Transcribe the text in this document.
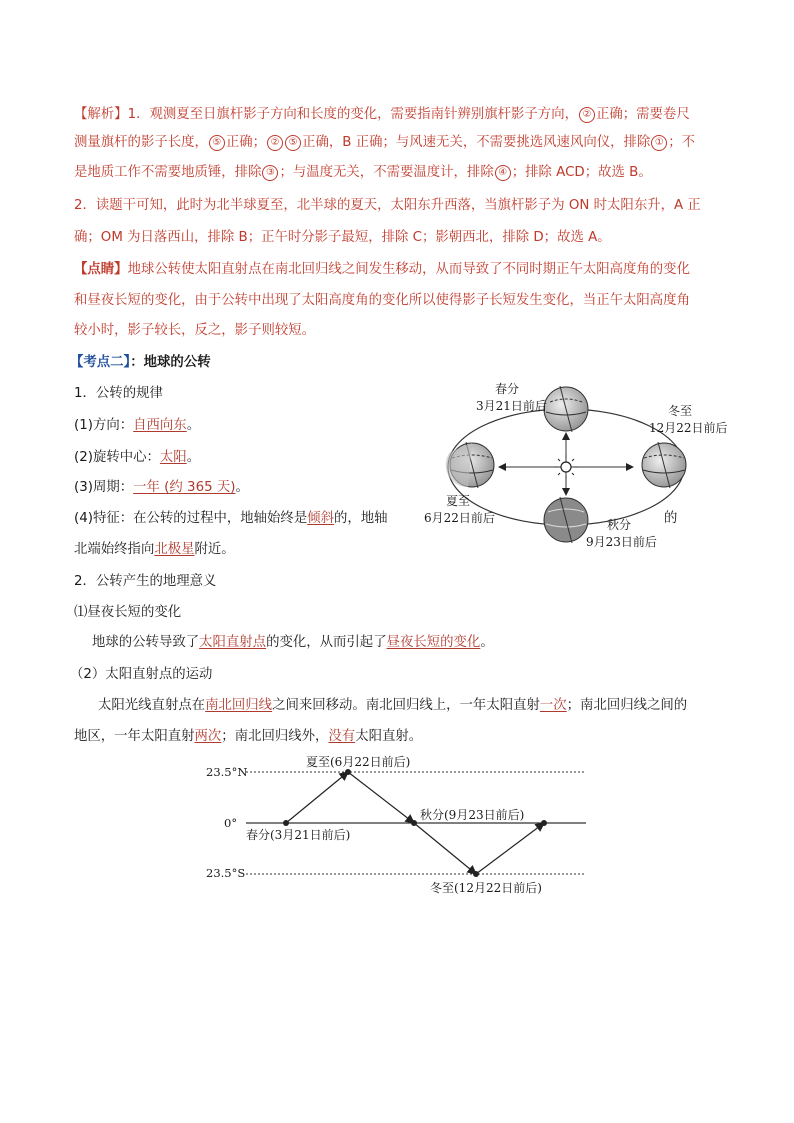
【解析】1．观测夏至日旗杆影子方向和长度的变化，需要指南针辨别旗杆影子方向， ② 正确；需要卷尺
测量旗杆的影子长度， ⑤ 正确； ② ⑤ 正确，B 正确；与风速无关，不需要挑选风速风向仪，排除 ① ；不
是地质工作不需要地质锤，排除 ③ ；与温度无关，不需要温度计，排除 ④ ；排除 ACD；故选 B。
2．读题干可知，此时为北半球夏至，北半球的夏天，太阳东升西落，当旗杆影子为 ON 时太阳东升，A 正
确；OM 为日落西山，排除 B；正午时分影子最短，排除 C；影朝西北，排除 D；故选 A。
【点睛】地球公转使太阳直射点在南北回归线之间发生移动，从而导致了不同时期正午太阳高度角的变化
和昼夜长短的变化，由于公转中出现了太阳高度角的变化所以使得影子长短发生变化，当正午太阳高度角
较小时，影子较长，反之，影子则较短。
【考点二】：地球的公转
1．公转的规律
(1)方向：自西向东。
(2)旋转中心：太阳。
(3)周期：一年 (约 365 天)。
(4)特征：在公转的过程中，地轴始终是倾斜的，地轴	的
北端始终指向北极星附近。
春分
3月21日前后	冬至
12月22日前后
夏至
6月22日前后	秋分
9月23日前后
2．公转产生的地理意义
⑴昼夜长短的变化
地球的公转导致了太阳直射点的变化，从而引起了昼夜长短的变化。
（2）太阳直射点的运动
太阳光线直射点在南北回归线之间来回移动。南北回归线上，一年太阳直射一次；南北回归线之间的
地区，一年太阳直射两次；南北回归线外，没有太阳直射。
23.5°N
0°
23.5°S
夏至(6月22日前后)
春分(3月21日前后)
秋分(9月23日前后)
冬至(12月22日前后)
